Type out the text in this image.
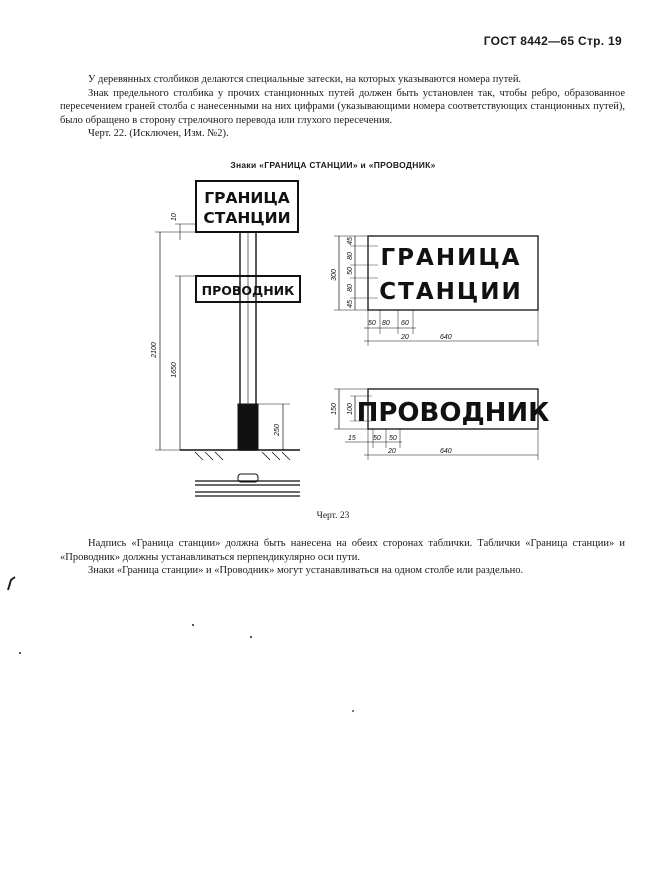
ГОСТ 8442—65 Стр. 19

У деревянных столбиков делаются специальные затески, на которых указываются номера путей.

Знак предельного столбика у прочих станционных путей должен быть установлен так, чтобы ребро, образованное пересечением граней столба с нанесенными на них цифрами (указывающими номера соответствующих станционных путей), было обращено в сторону стрелочного перевода или глухого пересечения.

Черт. 22. (Исключен, Изм. №2).

Знаки «ГРАНИЦА СТАНЦИИ» и «ПРОВОДНИК»
ГРАНИЦА
СТАНЦИИ
ПРОВОДНИК
ГРАНИЦА
СТАНЦИИ
ПРОВОДНИК
10
2100
1650
250
300
45
80
50
80
45
50 80 60
20	640
150 100
15 50 50
20	640
Черт. 23

Надпись «Граница станции» должна быть нанесена на обеих сторонах таблички. Таблички «Граница станции» и «Проводник» должны устанавливаться перпендикулярно оси пути.

Знаки «Граница станции» и «Проводник» могут устанавливаться на одном столбе или раздельно.
